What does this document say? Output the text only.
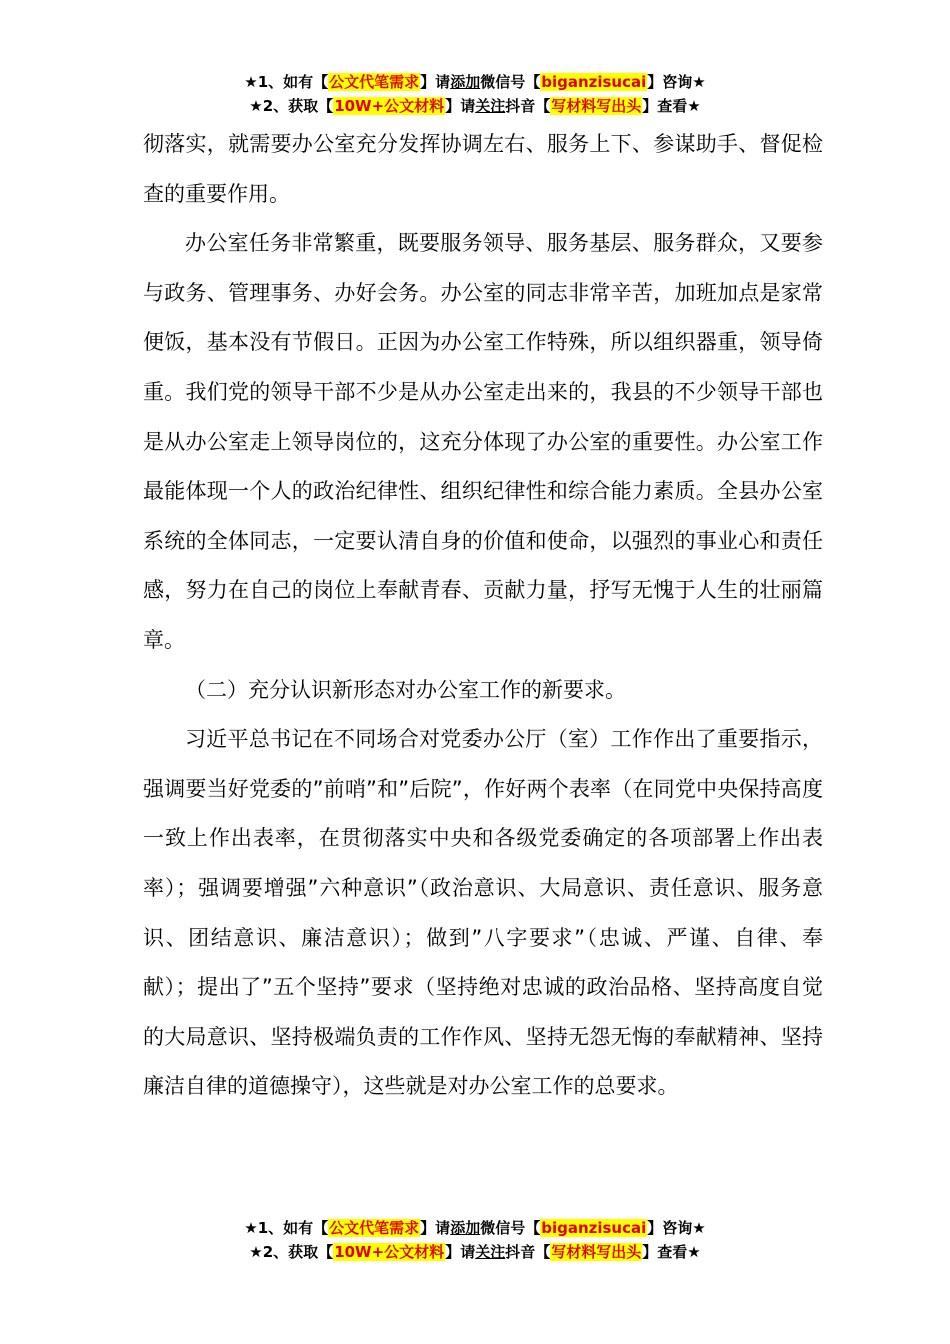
★1、如有【公文代笔需求】请添加微信号【biganzisucai】咨询★
★2、获取【10W+公文材料】请关注抖音【写材料写出头】查看★

彻落实，就需要办公室充分发挥协调左右、服务上下、参谋助手、督促检查的重要作用。

办公室任务非常繁重，既要服务领导、服务基层、服务群众，又要参与政务、管理事务、办好会务。办公室的同志非常辛苦，加班加点是家常便饭，基本没有节假日。正因为办公室工作特殊，所以组织器重，领导倚重。我们党的领导干部不少是从办公室走出来的，我县的不少领导干部也是从办公室走上领导岗位的，这充分体现了办公室的重要性。办公室工作最能体现一个人的政治纪律性、组织纪律性和综合能力素质。全县办公室系统的全体同志，一定要认清自身的价值和使命，以强烈的事业心和责任感，努力在自己的岗位上奉献青春、贡献力量，抒写无愧于人生的壮丽篇章。

（二）充分认识新形态对办公室工作的新要求。

习近平总书记在不同场合对党委办公厅（室）工作作出了重要指示，强调要当好党委的”前哨”和”后院”，作好两个表率（在同党中央保持高度一致上作出表率，在贯彻落实中央和各级党委确定的各项部署上作出表率）；强调要增强”六种意识”（政治意识、大局意识、责任意识、服务意识、团结意识、廉洁意识）；做到”八字要求”（忠诚、严谨、自律、奉献）；提出了”五个坚持”要求（坚持绝对忠诚的政治品格、坚持高度自觉的大局意识、坚持极端负责的工作作风、坚持无怨无悔的奉献精神、坚持廉洁自律的道德操守），这些就是对办公室工作的总要求。

★1、如有【公文代笔需求】请添加微信号【biganzisucai】咨询★
★2、获取【10W+公文材料】请关注抖音【写材料写出头】查看★
